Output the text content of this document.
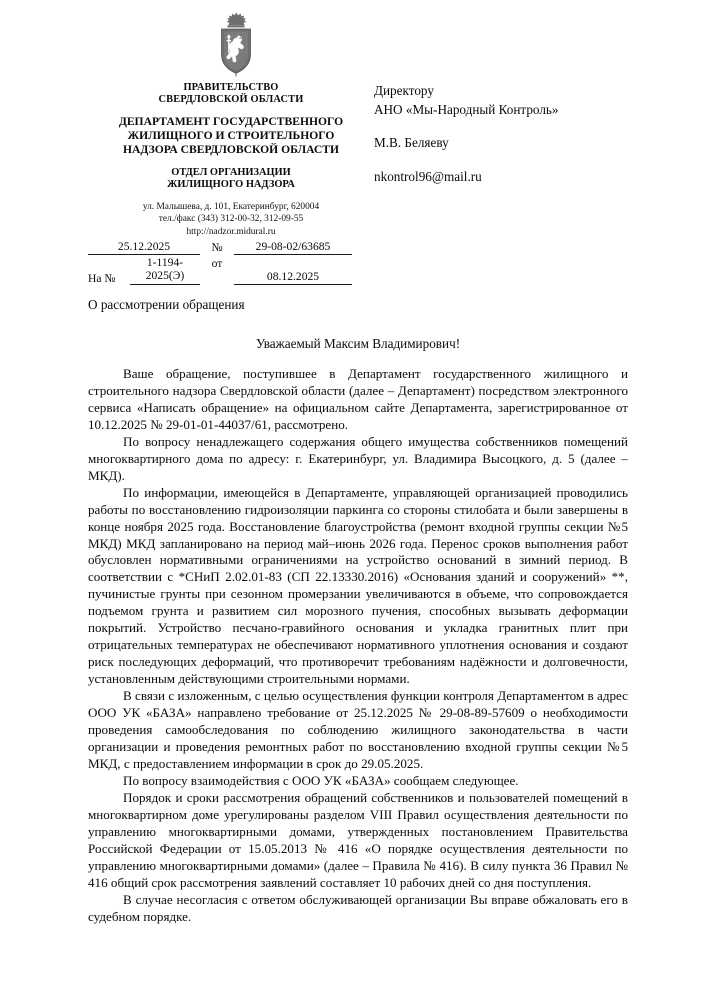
ПРАВИТЕЛЬСТВО
СВЕРДЛОВСКОЙ ОБЛАСТИ
ДЕПАРТАМЕНТ ГОСУДАРСТВЕННОГО
ЖИЛИЩНОГО И СТРОИТЕЛЬНОГО
НАДЗОРА СВЕРДЛОВСКОЙ ОБЛАСТИ
ОТДЕЛ ОРГАНИЗАЦИИ
ЖИЛИЩНОГО НАДЗОРА
ул. Малышева, д. 101, Екатеринбург, 620004
тел./факс (343) 312-00-32, 312-09-55
http://nadzor.midural.ru
Директору
АНО «Мы-Народный Контроль»
М.В. Беляеву
nkontrol96@mail.ru
25.12.2025	№	29-08-02/63685
На №
1-1194-
2025(Э)
от
08.12.2025
О рассмотрении обращения
Уважаемый Максим Владимирович!

Ваше обращение, поступившее в Департамент государственного жилищного и строительного надзора Свердловской области (далее – Департамент) посредством электронного сервиса «Написать обращение» на официальном сайте Департамента, зарегистрированное от 10.12.2025 № 29-01-01-44037/61, рассмотрено.

По вопросу ненадлежащего содержания общего имущества собственников помещений многоквартирного дома по адресу: г. Екатеринбург, ул. Владимира Высоцкого, д. 5 (далее – МКД).

По информации, имеющейся в Департаменте, управляющей организацией проводились работы по восстановлению гидроизоляции паркинга со стороны стилобата и были завершены в конце ноября 2025 года. Восстановление благоустройства (ремонт входной группы секции №5 МКД) МКД запланировано на период май–июнь 2026 года. Перенос сроков выполнения работ обусловлен нормативными ограничениями на устройство оснований в зимний период. В соответствии с *СНиП 2.02.01-83 (СП 22.13330.2016) «Основания зданий и сооружений» **, пучинистые грунты при сезонном промерзании увеличиваются в объеме, что сопровождается подъемом грунта и развитием сил морозного пучения, способных вызывать деформации покрытий. Устройство песчано-гравийного основания и укладка гранитных плит при отрицательных температурах не обеспечивают нормативного уплотнения основания и создают риск последующих деформаций, что противоречит требованиям надёжности и долговечности, установленным действующими строительными нормами.

В связи с изложенным, с целью осуществления функции контроля Департаментом в адрес ООО УК «БАЗА» направлено требование от 25.12.2025 № 29-08-89-57609 о необходимости проведения самообследования по соблюдению жилищного законодательства в части организации и проведения ремонтных работ по восстановлению входной группы секции №5 МКД, с предоставлением информации в срок до 29.05.2025.

По вопросу взаимодействия с ООО УК «БАЗА» сообщаем следующее.

Порядок и сроки рассмотрения обращений собственников и пользователей помещений в многоквартирном доме урегулированы разделом VIII Правил осуществления деятельности по управлению многоквартирными домами, утвержденных постановлением Правительства Российской Федерации от 15.05.2013 № 416 «О порядке осуществления деятельности по управлению многоквартирными домами» (далее – Правила № 416). В силу пункта 36 Правил № 416 общий срок рассмотрения заявлений составляет 10 рабочих дней со дня поступления.

В случае несогласия с ответом обслуживающей организации Вы вправе обжаловать его в судебном порядке.
